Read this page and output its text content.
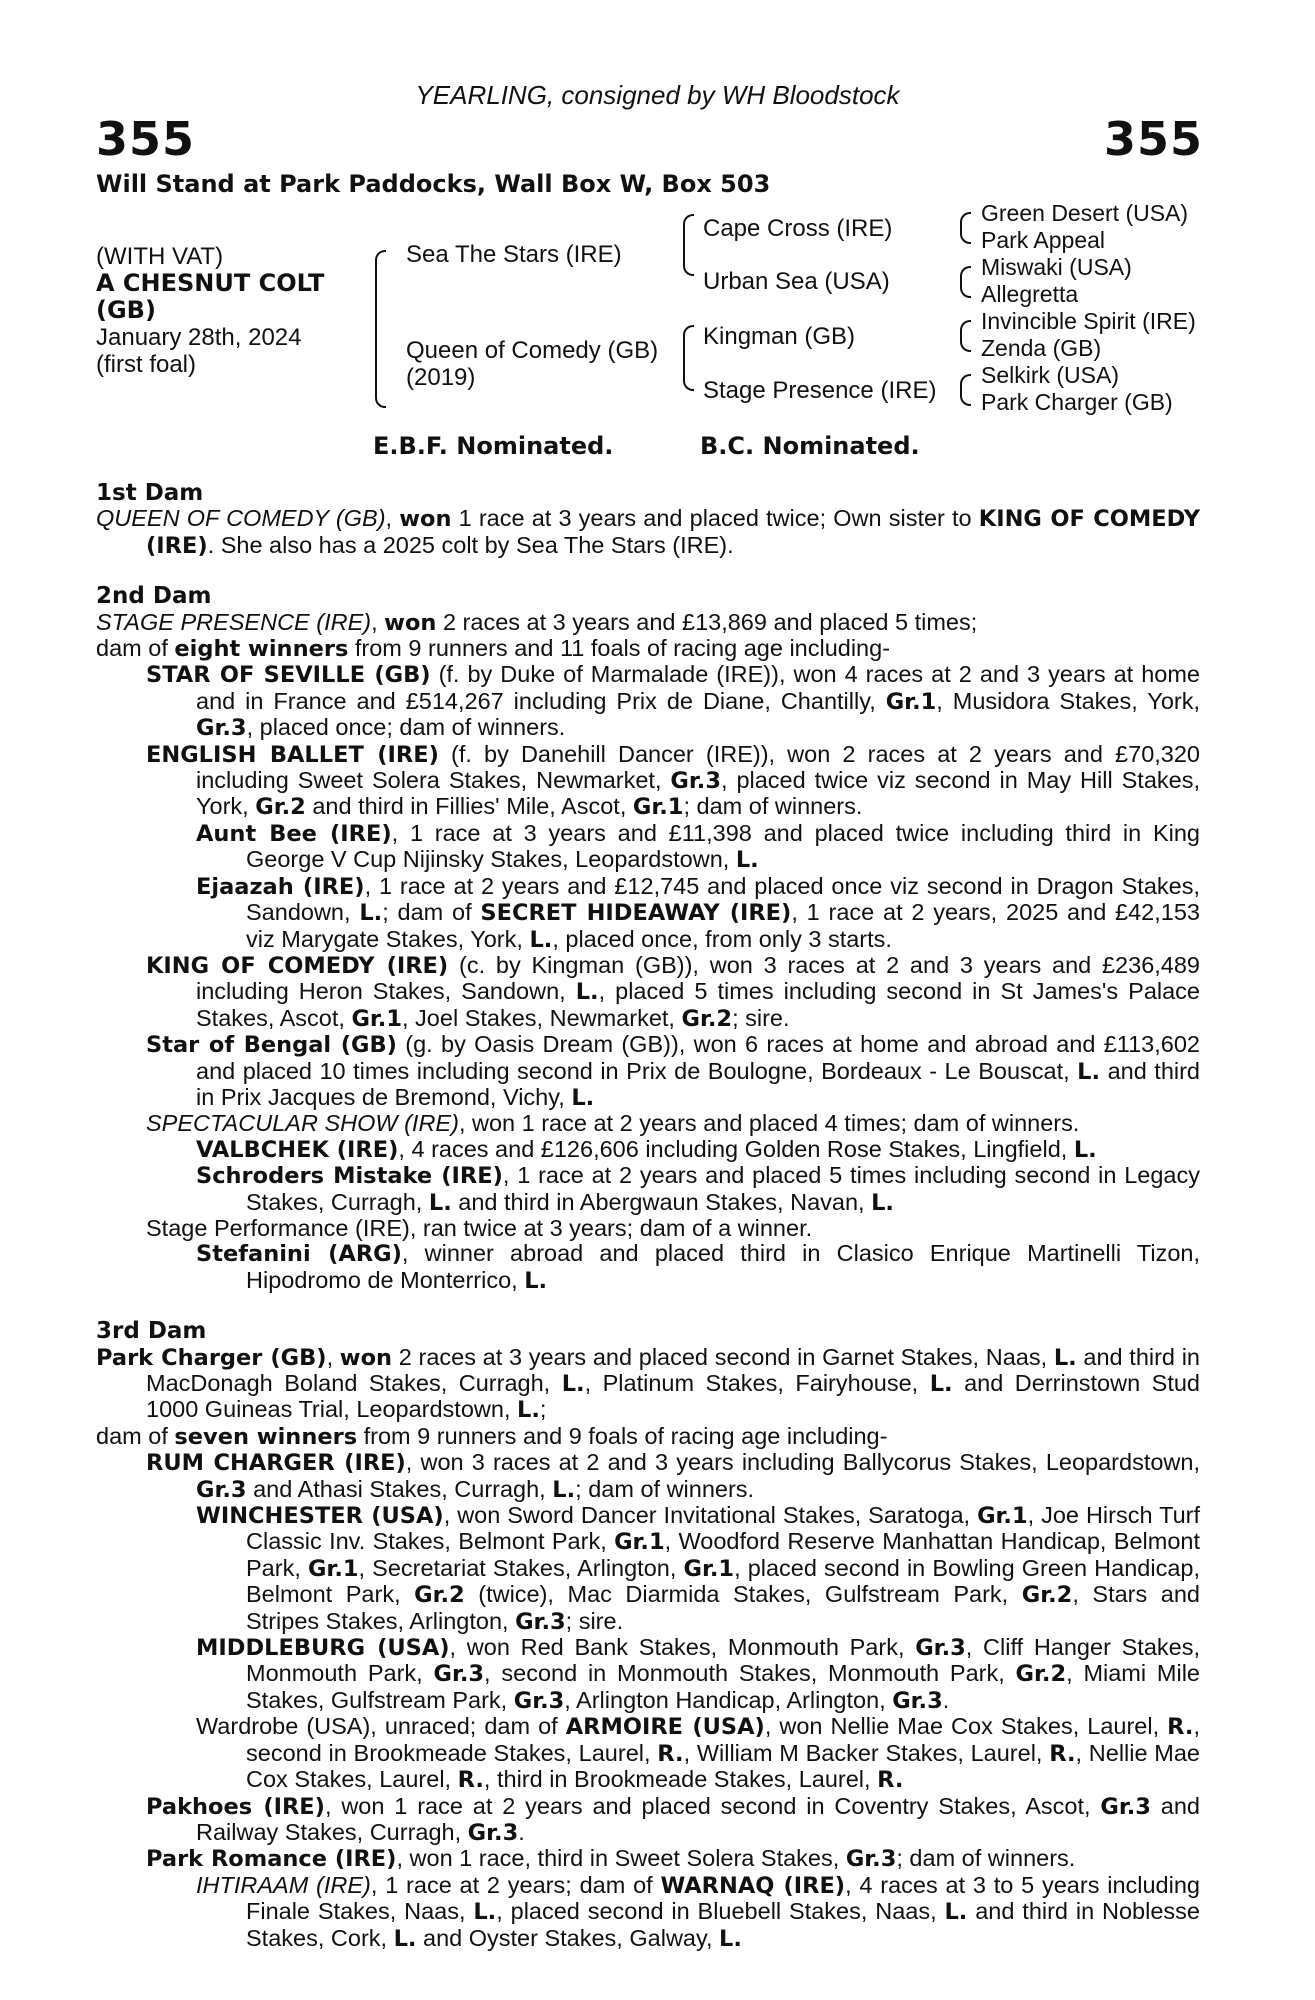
YEARLING, consigned by WH Bloodstock
355	355
Will Stand at Park Paddocks, Wall Box W, Box 503
(WITH VAT)
A CHESNUT COLT
(GB)
January 28th, 2024
(first foal)
Sea The Stars (IRE)
Queen of Comedy (GB)
(2019)
Cape Cross (IRE)
Urban Sea (USA)
Kingman (GB)
Stage Presence (IRE)
Green Desert (USA)
Park Appeal
Miswaki (USA)
Allegretta
Invincible Spirit (IRE)
Zenda (GB)
Selkirk (USA)
Park Charger (GB)
E.B.F. Nominated.	B.C. Nominated.
1st Dam
QUEEN OF COMEDY (GB), won 1 race at 3 years and placed twice; Own sister to KING OF COMEDY (IRE). She also has a 2025 colt by Sea The Stars (IRE).
2nd Dam
STAGE PRESENCE (IRE), won 2 races at 3 years and £13,869 and placed 5 times;
dam of eight winners from 9 runners and 11 foals of racing age including-
STAR OF SEVILLE (GB) (f. by Duke of Marmalade (IRE)), won 4 races at 2 and 3 years at home and in France and £514,267 including Prix de Diane, Chantilly, Gr.1, Musidora Stakes, York, Gr.3, placed once; dam of winners.
ENGLISH BALLET (IRE) (f. by Danehill Dancer (IRE)), won 2 races at 2 years and £70,320 including Sweet Solera Stakes, Newmarket, Gr.3, placed twice viz second in May Hill Stakes, York, Gr.2 and third in Fillies' Mile, Ascot, Gr.1; dam of winners.
Aunt Bee (IRE), 1 race at 3 years and £11,398 and placed twice including third in King George V Cup Nijinsky Stakes, Leopardstown, L.
Ejaazah (IRE), 1 race at 2 years and £12,745 and placed once viz second in Dragon Stakes, Sandown, L.; dam of SECRET HIDEAWAY (IRE), 1 race at 2 years, 2025 and £42,153 viz Marygate Stakes, York, L., placed once, from only 3 starts.
KING OF COMEDY (IRE) (c. by Kingman (GB)), won 3 races at 2 and 3 years and £236,489 including Heron Stakes, Sandown, L., placed 5 times including second in St James's Palace Stakes, Ascot, Gr.1, Joel Stakes, Newmarket, Gr.2; sire.
Star of Bengal (GB) (g. by Oasis Dream (GB)), won 6 races at home and abroad and £113,602 and placed 10 times including second in Prix de Boulogne, Bordeaux - Le Bouscat, L. and third in Prix Jacques de Bremond, Vichy, L.
SPECTACULAR SHOW (IRE), won 1 race at 2 years and placed 4 times; dam of winners.
VALBCHEK (IRE), 4 races and £126,606 including Golden Rose Stakes, Lingfield, L.
Schroders Mistake (IRE), 1 race at 2 years and placed 5 times including second in Legacy Stakes, Curragh, L. and third in Abergwaun Stakes, Navan, L.
Stage Performance (IRE), ran twice at 3 years; dam of a winner.
Stefanini (ARG), winner abroad and placed third in Clasico Enrique Martinelli Tizon, Hipodromo de Monterrico, L.
3rd Dam
Park Charger (GB), won 2 races at 3 years and placed second in Garnet Stakes, Naas, L. and third in MacDonagh Boland Stakes, Curragh, L., Platinum Stakes, Fairyhouse, L. and Derrinstown Stud 1000 Guineas Trial, Leopardstown, L.;
dam of seven winners from 9 runners and 9 foals of racing age including-
RUM CHARGER (IRE), won 3 races at 2 and 3 years including Ballycorus Stakes, Leopardstown, Gr.3 and Athasi Stakes, Curragh, L.; dam of winners.
WINCHESTER (USA), won Sword Dancer Invitational Stakes, Saratoga, Gr.1, Joe Hirsch Turf Classic Inv. Stakes, Belmont Park, Gr.1, Woodford Reserve Manhattan Handicap, Belmont Park, Gr.1, Secretariat Stakes, Arlington, Gr.1, placed second in Bowling Green Handicap, Belmont Park, Gr.2 (twice), Mac Diarmida Stakes, Gulfstream Park, Gr.2, Stars and Stripes Stakes, Arlington, Gr.3; sire.
MIDDLEBURG (USA), won Red Bank Stakes, Monmouth Park, Gr.3, Cliff Hanger Stakes, Monmouth Park, Gr.3, second in Monmouth Stakes, Monmouth Park, Gr.2, Miami Mile Stakes, Gulfstream Park, Gr.3, Arlington Handicap, Arlington, Gr.3.
Wardrobe (USA), unraced; dam of ARMOIRE (USA), won Nellie Mae Cox Stakes, Laurel, R., second in Brookmeade Stakes, Laurel, R., William M Backer Stakes, Laurel, R., Nellie Mae Cox Stakes, Laurel, R., third in Brookmeade Stakes, Laurel, R.
Pakhoes (IRE), won 1 race at 2 years and placed second in Coventry Stakes, Ascot, Gr.3 and Railway Stakes, Curragh, Gr.3.
Park Romance (IRE), won 1 race, third in Sweet Solera Stakes, Gr.3; dam of winners.
IHTIRAAM (IRE), 1 race at 2 years; dam of WARNAQ (IRE), 4 races at 3 to 5 years including Finale Stakes, Naas, L., placed second in Bluebell Stakes, Naas, L. and third in Noblesse Stakes, Cork, L. and Oyster Stakes, Galway, L.
